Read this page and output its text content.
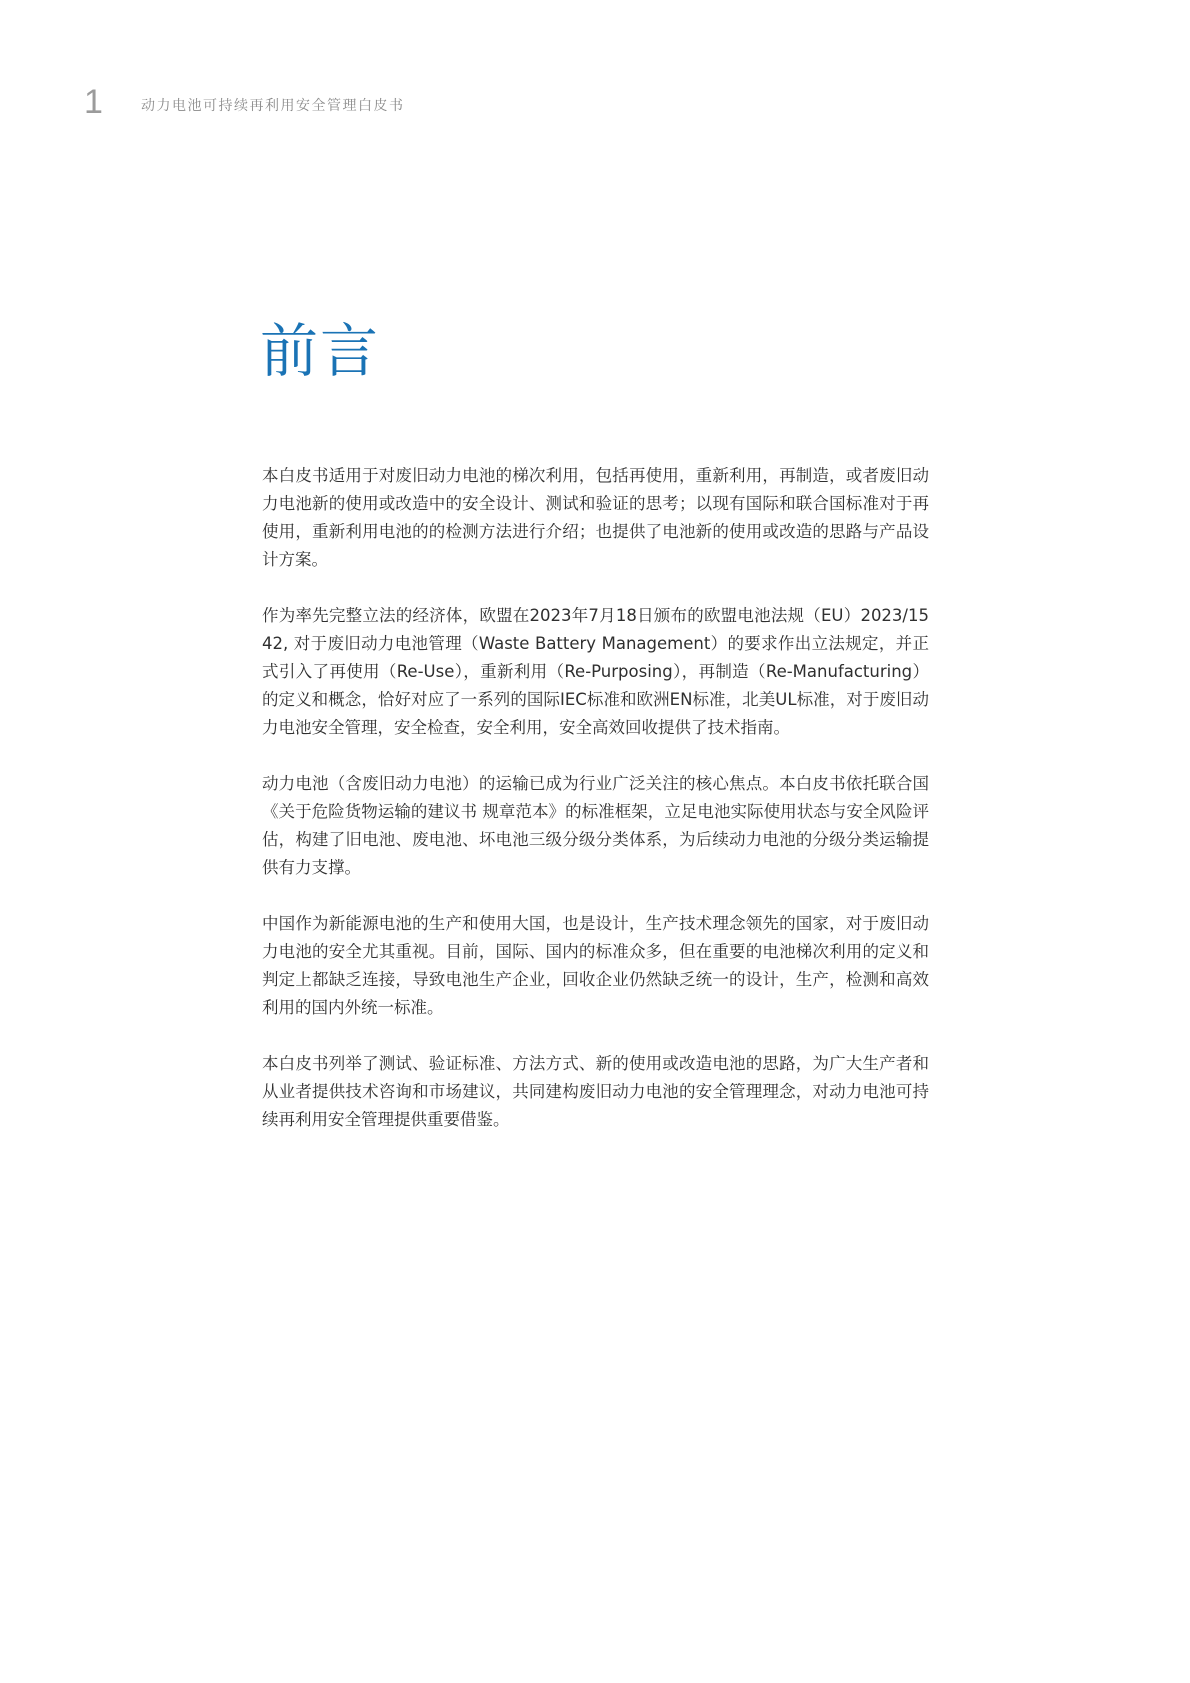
1	动力电池可持续再利用安全管理白皮书
前言

本白皮书适用于对废旧动力电池的梯次利用，包括再使用，重新利用，再制造，或者废旧动力电池新的使用或改造中的安全设计、测试和验证的思考；以现有国际和联合国标准对于再使用，重新利用电池的的检测方法进行介绍；也提供了电池新的使用或改造的思路与产品设计方案。

作为率先完整立法的经济体，欧盟在2023年7月18日颁布的欧盟电池法规（EU）2023/1542, 对于废旧动力电池管理（Waste Battery Management）的要求作出立法规定，并正式引入了再使用（Re-Use），重新利用（Re-Purposing），再制造（Re-Manufacturing）的定义和概念，恰好对应了一系列的国际IEC标准和欧洲EN标准，北美UL标准，对于废旧动力电池安全管理，安全检查，安全利用，安全高效回收提供了技术指南。

动力电池（含废旧动力电池）的运输已成为行业广泛关注的核心焦点。本白皮书依托联合国《关于危险货物运输的建议书 规章范本》的标准框架，立足电池实际使用状态与安全风险评估，构建了旧电池、废电池、坏电池三级分级分类体系，为后续动力电池的分级分类运输提供有力支撑。

中国作为新能源电池的生产和使用大国，也是设计，生产技术理念领先的国家，对于废旧动力电池的安全尤其重视。目前，国际、国内的标准众多，但在重要的电池梯次利用的定义和判定上都缺乏连接，导致电池生产企业，回收企业仍然缺乏统一的设计，生产，检测和高效利用的国内外统一标准。

本白皮书列举了测试、验证标准、方法方式、新的使用或改造电池的思路，为广大生产者和从业者提供技术咨询和市场建议，共同建构废旧动力电池的安全管理理念，对动力电池可持续再利用安全管理提供重要借鉴。
